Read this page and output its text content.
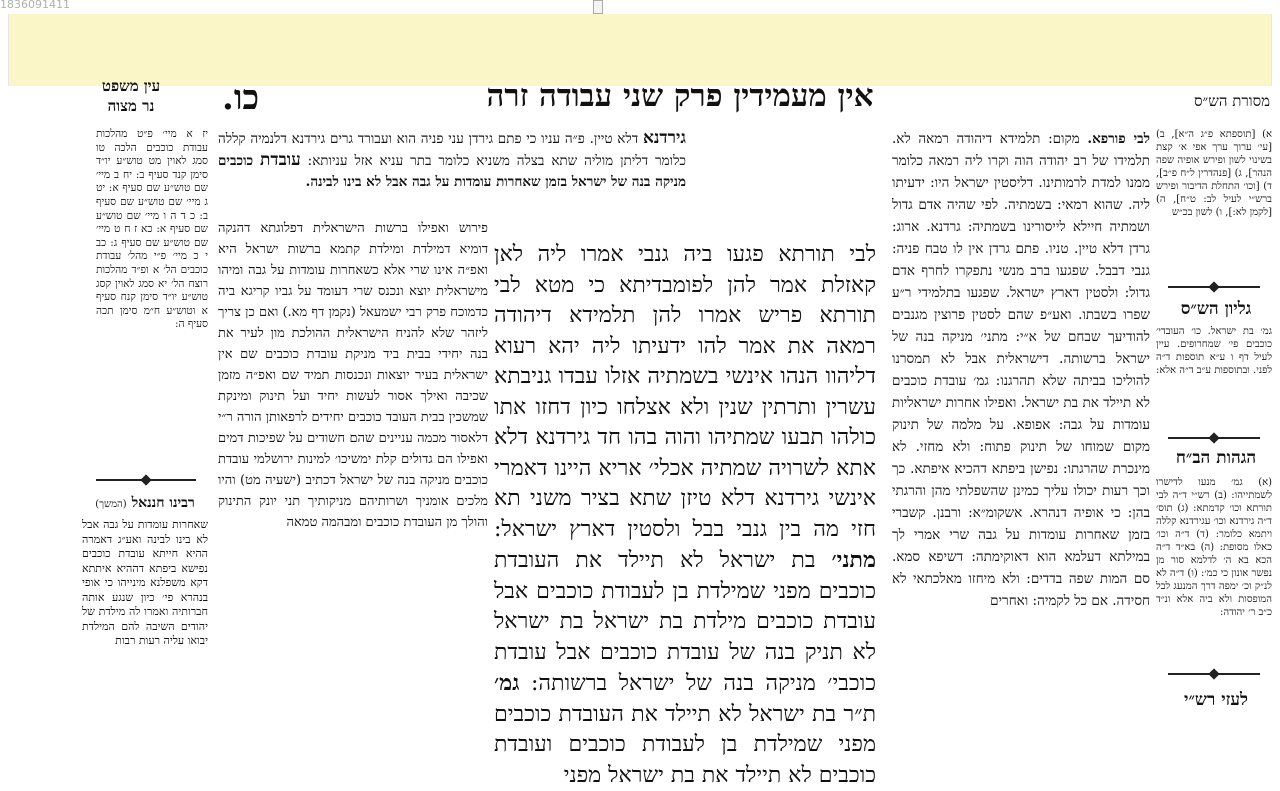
1836091411
אין מעמידין פרק שני עבודה זרה
כו.	מסורת הש״ס
עין משפט
נר מצוה
א) [תוספתא פ״ג ה״א], ב) [עי׳ ערוך ערך אפי א׳ קצת בשינוי לשון ופירש אופיה שפה הנהר], ג) [פנהדרין ל״ח פ״ב], ד) [וכו׳ התחלת הדיבור ופירש ברש״י לעיל לב: ט״ח], ה) [לקמן לא:], ו) לשון בכ״ש
גליון הש״ס
גמ׳ בת ישראל. כו׳ העובדי׳ כוכבים פי׳ שמחרופים. עיין לעיל דף ו ע״א תוספות ד״ה לפני. ובתוספות ע״ב ד״ה אלא:
הגהות הב״ח
(א) גמ׳ מנעו לדישרו לשמתייהו: (ב) רש״י ד״ה לבי תורתא וכו׳ קדמתא: (ג) תוס׳ ד״ה גירדנא וכו׳ עגירדנא קללה ויתמא כלומר: (ד) ד״ה וכו׳ כאלו מסופת: (ה) בא״ד ד״ה הכא בא ה׳ לדלמא סור מן נפשר אונון כי כמ׳: (ו) ד״ה לא לנ״ק וכ׳ ימפה דרך המנעג לבל המופסות ולא ביה אלא ונ״ד כ״ב ר׳ יהודה:
לעזי רש״י

לבי פורפא. מקום: תלמידא דיהודה רמאה לא. תלמידו של רב יהודה הוה וקרו ליה רמאה כלומר ממנו למדת לרמותינו. דליסטין ישראל היו: ידעיתו ליה. שהוא רמאי: בשמתיה. לפי שהיה אדם גדול ושמתיה חיילא לייסורינו בשמתיה: גרדנא. ארוג: גרדן דלא טיין. טניו. פתם גרדן אין לו טבח פניה: גנבי דבבל. שפגעו ברב מנשי נתפקרו לחרף אדם גדול: ולסטין דארץ ישראל. שפגעו בתלמידי ר״ע שפרו בשבתו. ואע״פ שהם לסטין פרוצין מגנבים להודיעך שבחם של א״י: מתני׳ מניקה בנה של ישראל ברשותה. דישראלית אבל לא תמסרנו להוליכו בביתה שלא תהרגנו: גמ׳ עובדת כוכבים לא תיילד את בת ישראל. ואפילו אחרות ישראליות עומדות על גבה: אפופא. על מלמה של תינוק מקום שמוחו של תינוק פתוח: ולא מחזי. לא מינכרת שהרגתו: נפישן ביפתא דהכיא איפתא. כך וכך רעות יכולו עליך כמינן שהשפלתי מהן והרגתי בהן: כי אופיה דנהרא. אשקומ״א: ורבנן. קשברי בזמן שאחרות עומדות על גבה שרי אמרי לך במילתא דעלמא הוא דאוקימתה: דשיפא סמא. סם המות שפה בדדים: ולא מיחזו מאלכתאי לא חסידה. אם כל לקמיה: ואחרים

גירדנא דלא טיין. פ״ה עניו כי פתם גירדן עני פניה הוא ועבורד גרים גירדנא דלנמיה קללה כלומר דליתן מוליה שתא בצלה משניא כלומר בתר עניא אזל עניותא: עובדת כוכבים מניקה בנה של ישראל בזמן שאחרות עומדות על גבה אבל לא בינו לבינה.

לבי תורתא פגעו ביה גנבי אמרו ליה לאן קאזלת אמר להן לפומבדיתא כי מטא לבי תורתא פריש אמרו להן תלמידא דיהודה רמאה את אמר להו ידעיתו ליה יהא רעוא דליהוו הנהו אינשי בשמתיה אזלו עבדו גניבתא עשרין ותרתין שנין ולא אצלחו כיון דחזו אתו כולהו תבעו שמתיהו והוה בהו חד גירדנא דלא אתא לשרויה שמתיה אכלי׳ אריא היינו דאמרי אינשי גירדנא דלא טיזן שתא בציר משני תא חזי מה בין גנבי בבל ולסטין דארץ ישראל: מתני׳ בת ישראל לא תיילד את העובדת כוכבים מפני שמילדת בן לעבודת כוכבים אבל עובדת כוכבים מילדת בת ישראל בת ישראל לא תניק בנה של עובדת כוכבים אבל עובדת כוכבי׳ מניקה בנה של ישראל ברשותה: גמ׳ ת״ר בת ישראל לא תיילד את העובדת כוכבים מפני שמילדת בן לעבודת כוכבים ועובדת כוכבים לא תיילד את בת ישראל מפני

פירוש ואפילו ברשות הישראלית דפלוגתא דהנקה דומיא דמילדת ומילדת קתמא ברשות ישראל היא ואפ״ה אינו שרי אלא כשאחרות עומדות על גבה ומיהו מישראלית יוצא ונכנס שרי דעומד על גביו קריגא ביה כדמוכח פרק רבי ישמעאל (נקמן דף מא.) ואם כן צריך ליזהר שלא להניח הישראלית ההולכת מון לעיר את בנה יחידי בבית ביד מניקת עובדת כוכבים שם אין ישראלית בעיר יוצאות ונכנסות תמיד שם ואפ״ה מזמן שכיבה ואילך אסור לעשות יחיד ועל תינוק ומינקת שמשכין בבית העובד כוכבים יחידים לרפאותן הורה ר״י דלאסור מכמה עניינים שהם חשודים על שפיכות דמים ואפילו הם גדולים קלת ימשיכו׳ למינות ירושלמי עובדת כוכבים מניקה בנה של ישראל דכתיב (ישעיה מט) והיו מלכים אומניך ושרותיהם מניקותיך תני יונק התינוק והולך מן העובדת כוכבים ומבהמה טמאה
יז א מיי׳ פ״ט מהלכות עבודת כוכבים הלכה טו סמג לאוין מט טוש״ע יו״ד סימן קנד סעיף ב: יח ב מיי׳ שם טוש״ע שם סעיף א: יט ג מיי׳ שם טוש״ע שם סעיף ב: כ ד ה ו מיי׳ שם טוש״ע שם סעיף א: כא ז ח ט מיי׳ שם טוש״ע שם סעיף ג: כב י כ מיי׳ פ״י מהל׳ עבודת כוכבים הל׳ א ופ״ד מהלכות רוצח הל׳ יא סמג לאוין קסג טוש״ע יו״ד סימן קנח סעיף א וטוש״ע ח״מ סימן תכה סעיף ה:
רבינו חננאל (המשך)
שאחרות עומדות על גבה אבל לא בינו לבינה ואע״ג דאמרה ההיא חייתא עובדת כוכבים נפישא ביפתא דההיא איתתא דקא משפלנא מינייהו כי אופי בנהרא פי׳ כיון שנגע אותה חברותיה ואמרו לה מילדת של יהודים השיבה להם המילדת יבואו עליה רעות רבות
